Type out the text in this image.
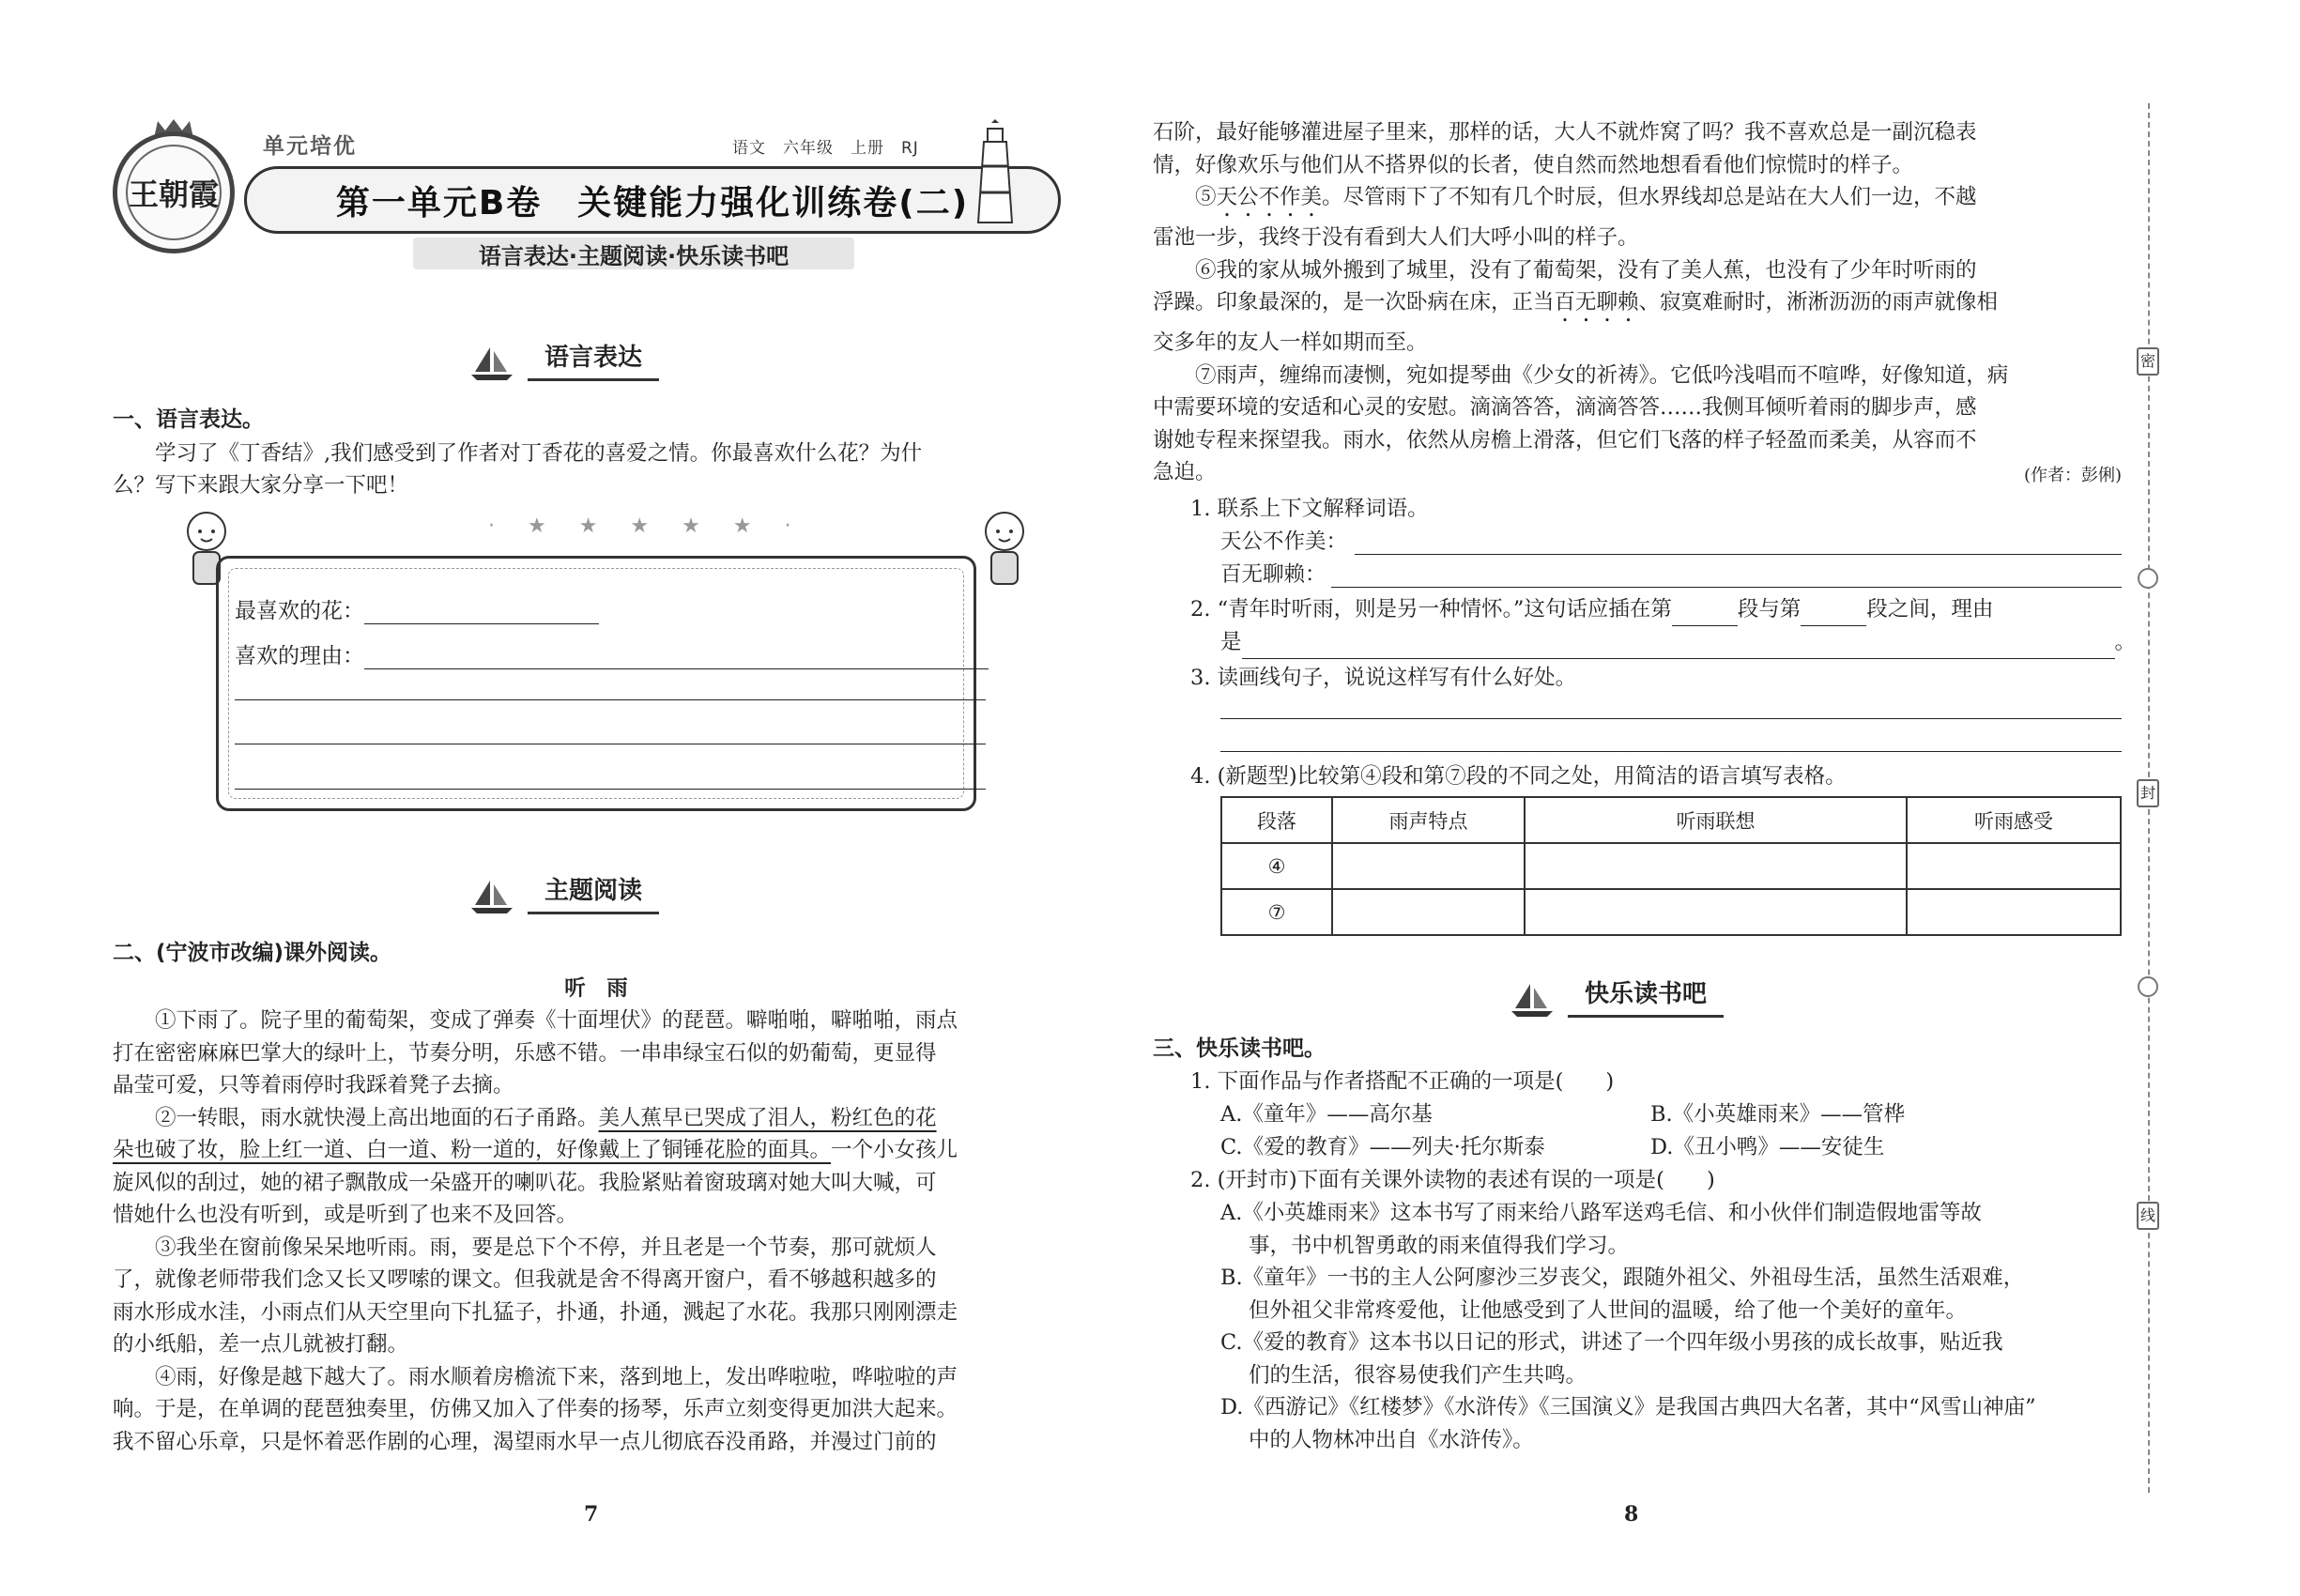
王朝霞
单元培优	语文　六年级　上册　RJ
第一单元B卷　关键能力强化训练卷(二)
语言表达·主题阅读·快乐读书吧
语言表达
一、语言表达。
学习了《丁香结》,我们感受到了作者对丁香花的喜爱之情。你最喜欢什么花？为什
么？写下来跟大家分享一下吧！
· ★ ★ ★ ★ ★ ·
最喜欢的花：
喜欢的理由：
主题阅读
二、(宁波市改编)课外阅读。
听　雨
①下雨了。院子里的葡萄架，变成了弹奏《十面埋伏》的琵琶。噼啪啪，噼啪啪，雨点
打在密密麻麻巴掌大的绿叶上，节奏分明，乐感不错。一串串绿宝石似的奶葡萄，更显得
晶莹可爱，只等着雨停时我踩着凳子去摘。
②一转眼，雨水就快漫上高出地面的石子甬路。美人蕉早已哭成了泪人，粉红色的花
朵也破了妆，脸上红一道、白一道、粉一道的，好像戴上了铜锤花脸的面具。一个小女孩儿
旋风似的刮过，她的裙子飘散成一朵盛开的喇叭花。我脸紧贴着窗玻璃对她大叫大喊，可
惜她什么也没有听到，或是听到了也来不及回答。
③我坐在窗前像呆呆地听雨。雨，要是总下个不停，并且老是一个节奏，那可就烦人
了，就像老师带我们念又长又啰嗦的课文。但我就是舍不得离开窗户，看不够越积越多的
雨水形成水洼，小雨点们从天空里向下扎猛子，扑通，扑通，溅起了水花。我那只刚刚漂走
的小纸船，差一点儿就被打翻。
④雨，好像是越下越大了。雨水顺着房檐流下来，落到地上，发出哗啦啦，哗啦啦的声
响。于是，在单调的琵琶独奏里，仿佛又加入了伴奏的扬琴，乐声立刻变得更加洪大起来。
我不留心乐章，只是怀着恶作剧的心理，渴望雨水早一点儿彻底吞没甬路，并漫过门前的
7
石阶，最好能够灌进屋子里来，那样的话，大人不就炸窝了吗？我不喜欢总是一副沉稳表
情，好像欢乐与他们从不搭界似的长者，使自然而然地想看看他们惊慌时的样子。
⑤天公不作美。尽管雨下了不知有几个时辰，但水界线却总是站在大人们一边，不越
雷池一步，我终于没有看到大人们大呼小叫的样子。
⑥我的家从城外搬到了城里，没有了葡萄架，没有了美人蕉，也没有了少年时听雨的
浮躁。印象最深的，是一次卧病在床，正当百无聊赖、寂寞难耐时，淅淅沥沥的雨声就像相
交多年的友人一样如期而至。
⑦雨声，缠绵而凄恻，宛如提琴曲《少女的祈祷》。它低吟浅唱而不喧哗，好像知道，病
中需要环境的安适和心灵的安慰。滴滴答答，滴滴答答……我侧耳倾听着雨的脚步声，感
谢她专程来探望我。雨水，依然从房檐上滑落，但它们飞落的样子轻盈而柔美，从容而不
急迫。	(作者：彭俐)
1. 联系上下文解释词语。
天公不作美：
百无聊赖：
2. “青年时听雨，则是另一种情怀。”这句话应插在第	段与第	段之间，理由
是	。
3. 读画线句子，说说这样写有什么好处。
4. (新题型)比较第④段和第⑦段的不同之处，用简洁的语言填写表格。
段落	雨声特点	听雨联想	听雨感受
④			
⑦			
快乐读书吧
三、快乐读书吧。
1. 下面作品与作者搭配不正确的一项是(　　)
A.《童年》——高尔基	B.《小英雄雨来》——管桦
C.《爱的教育》——列夫·托尔斯泰	D.《丑小鸭》——安徒生
2. (开封市)下面有关课外读物的表述有误的一项是(　　)
A.《小英雄雨来》这本书写了雨来给八路军送鸡毛信、和小伙伴们制造假地雷等故
事，书中机智勇敢的雨来值得我们学习。
B.《童年》一书的主人公阿廖沙三岁丧父，跟随外祖父、外祖母生活，虽然生活艰难，
但外祖父非常疼爱他，让他感受到了人世间的温暖，给了他一个美好的童年。
C.《爱的教育》这本书以日记的形式，讲述了一个四年级小男孩的成长故事，贴近我
们的生活，很容易使我们产生共鸣。
D.《西游记》《红楼梦》《水浒传》《三国演义》是我国古典四大名著，其中“风雪山神庙”
中的人物林冲出自《水浒传》。
8
密
封
线
